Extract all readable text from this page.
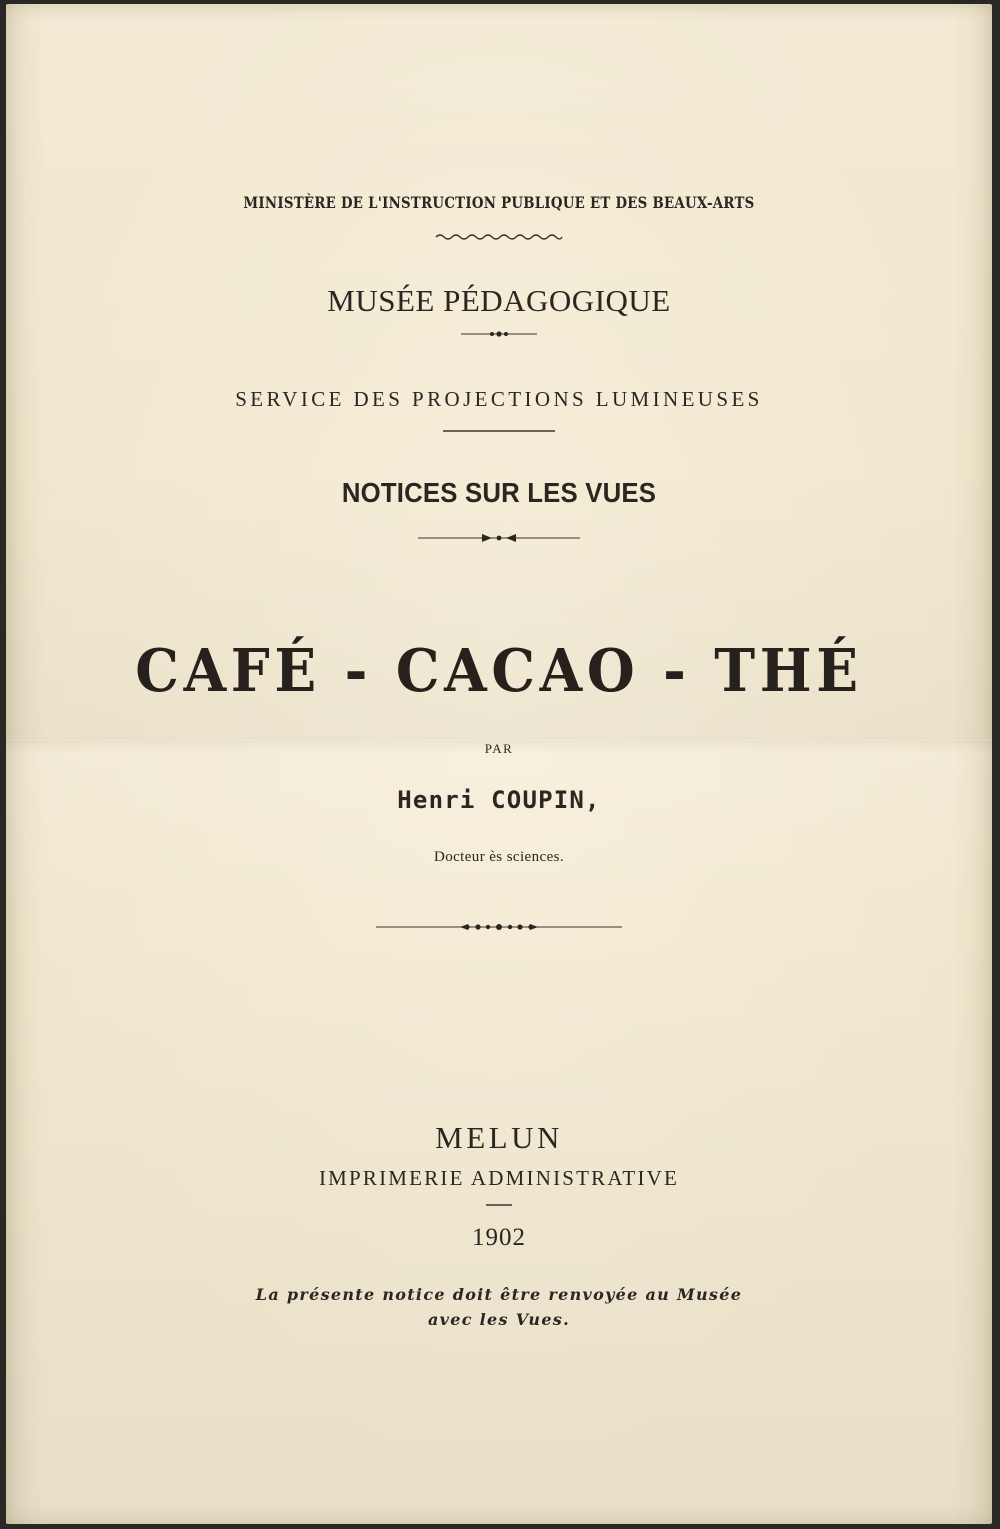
MINISTÈRE DE L'INSTRUCTION PUBLIQUE ET DES BEAUX-ARTS
MUSÉE PÉDAGOGIQUE
SERVICE DES PROJECTIONS LUMINEUSES
NOTICES SUR LES VUES
CAFÉ - CACAO - THÉ
PAR
Henri COUPIN,
Docteur ès sciences.
MELUN
IMPRIMERIE ADMINISTRATIVE
1902
La présente notice doit être renvoyée au Musée
avec les Vues.
